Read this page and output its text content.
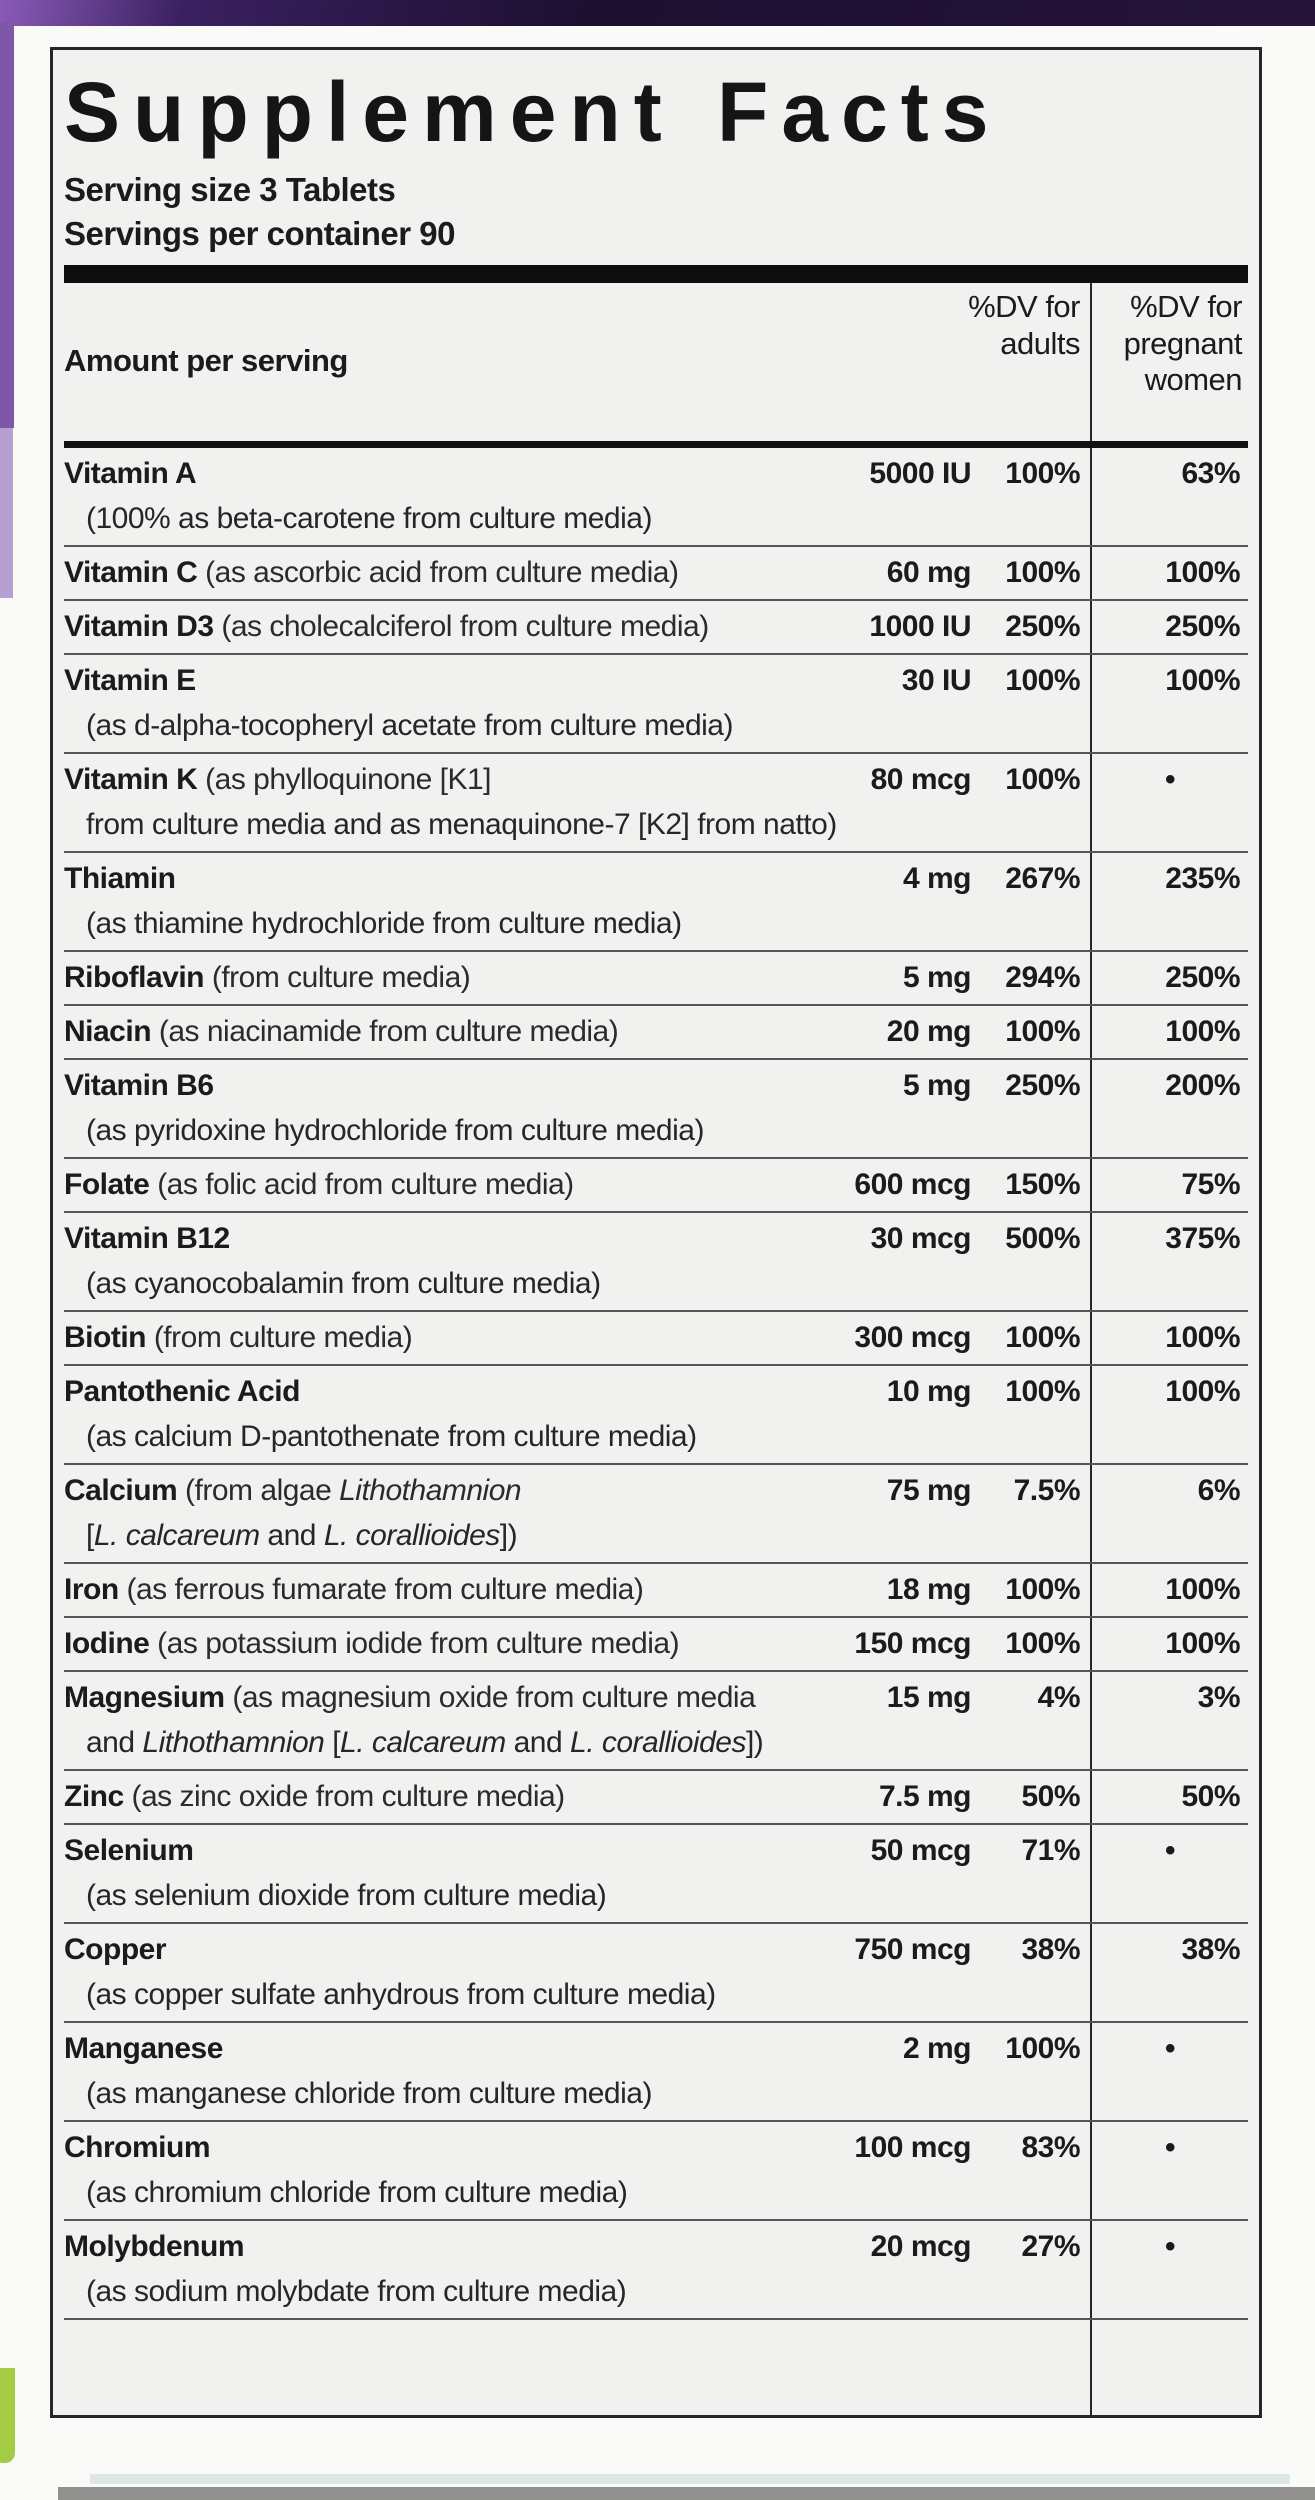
Supplement Facts
Serving size 3 Tablets
Servings per container 90
Amount per serving
%DV for
adults
%DV for
pregnant
women
Vitamin A	5000 IU	100%	63%
(100% as beta-carotene from culture media)
Vitamin C (as ascorbic acid from culture media)	60 mg	100%	100%
Vitamin D3 (as cholecalciferol from culture media)	1000 IU	250%	250%
Vitamin E	30 IU	100%	100%
(as d-alpha-tocopheryl acetate from culture media)
Vitamin K (as phylloquinone [K1]	80 mcg	100%	•
from culture media and as menaquinone-7 [K2] from natto)
Thiamin	4 mg	267%	235%
(as thiamine hydrochloride from culture media)
Riboflavin (from culture media)	5 mg	294%	250%
Niacin (as niacinamide from culture media)	20 mg	100%	100%
Vitamin B6	5 mg	250%	200%
(as pyridoxine hydrochloride from culture media)
Folate (as folic acid from culture media)	600 mcg	150%	75%
Vitamin B12	30 mcg	500%	375%
(as cyanocobalamin from culture media)
Biotin (from culture media)	300 mcg	100%	100%
Pantothenic Acid	10 mg	100%	100%
(as calcium D-pantothenate from culture media)
Calcium (from algae Lithothamnion	75 mg	7.5%	6%
[L. calcareum and L. corallioides])
Iron (as ferrous fumarate from culture media)	18 mg	100%	100%
Iodine (as potassium iodide from culture media)	150 mcg	100%	100%
Magnesium (as magnesium oxide from culture media	15 mg	4%	3%
and Lithothamnion [L. calcareum and L. corallioides])
Zinc (as zinc oxide from culture media)	7.5 mg	50%	50%
Selenium	50 mcg	71%	•
(as selenium dioxide from culture media)
Copper	750 mcg	38%	38%
(as copper sulfate anhydrous from culture media)
Manganese	2 mg	100%	•
(as manganese chloride from culture media)
Chromium	100 mcg	83%	•
(as chromium chloride from culture media)
Molybdenum	20 mcg	27%	•
(as sodium molybdate from culture media)
